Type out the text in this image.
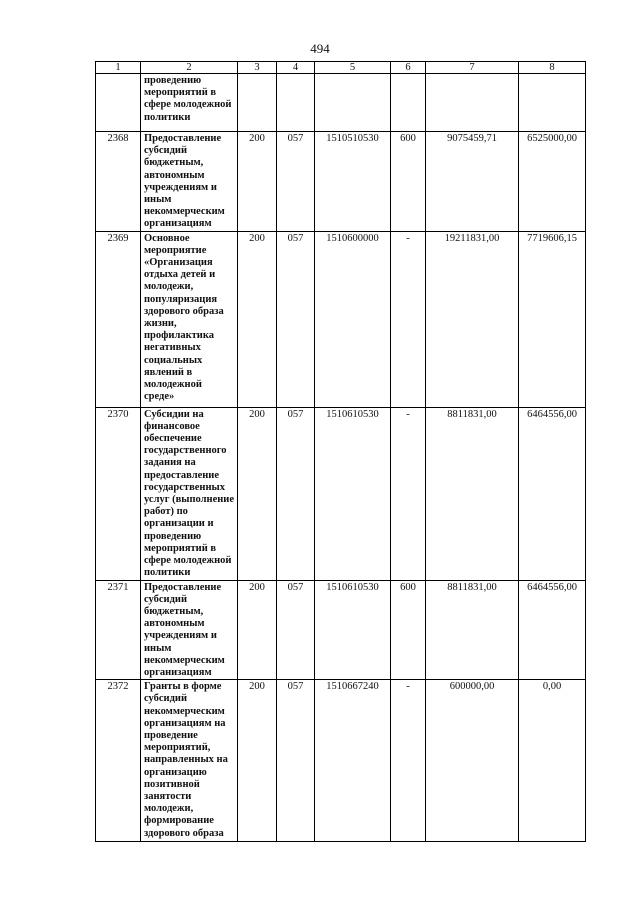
494
1	2	3	4	5	6	7	8
	проведению мероприятий в сфере молодежной политики						
2368	Предоставление субсидий бюджетным, автономным учреждениям и иным некоммерческим организациям	200	057	1510510530	600	9075459,71	6525000,00
2369	Основное мероприятие «Организация отдыха детей и молодежи, популяризация здорового образа жизни, профилактика негативных социальных явлений в молодежной среде»	200	057	1510600000	-	19211831,00	7719606,15
2370	Субсидии на финансовое обеспечение государственного задания на предоставление государственных услуг (выполнение работ) по организации и проведению мероприятий в сфере молодежной политики	200	057	1510610530	-	8811831,00	6464556,00
2371	Предоставление субсидий бюджетным, автономным учреждениям и иным некоммерческим организациям	200	057	1510610530	600	8811831,00	6464556,00
2372	Гранты в форме субсидий некоммерческим организациям на проведение мероприятий, направленных на организацию позитивной занятости молодежи, формирование здорового образа	200	057	1510667240	-	600000,00	0,00
